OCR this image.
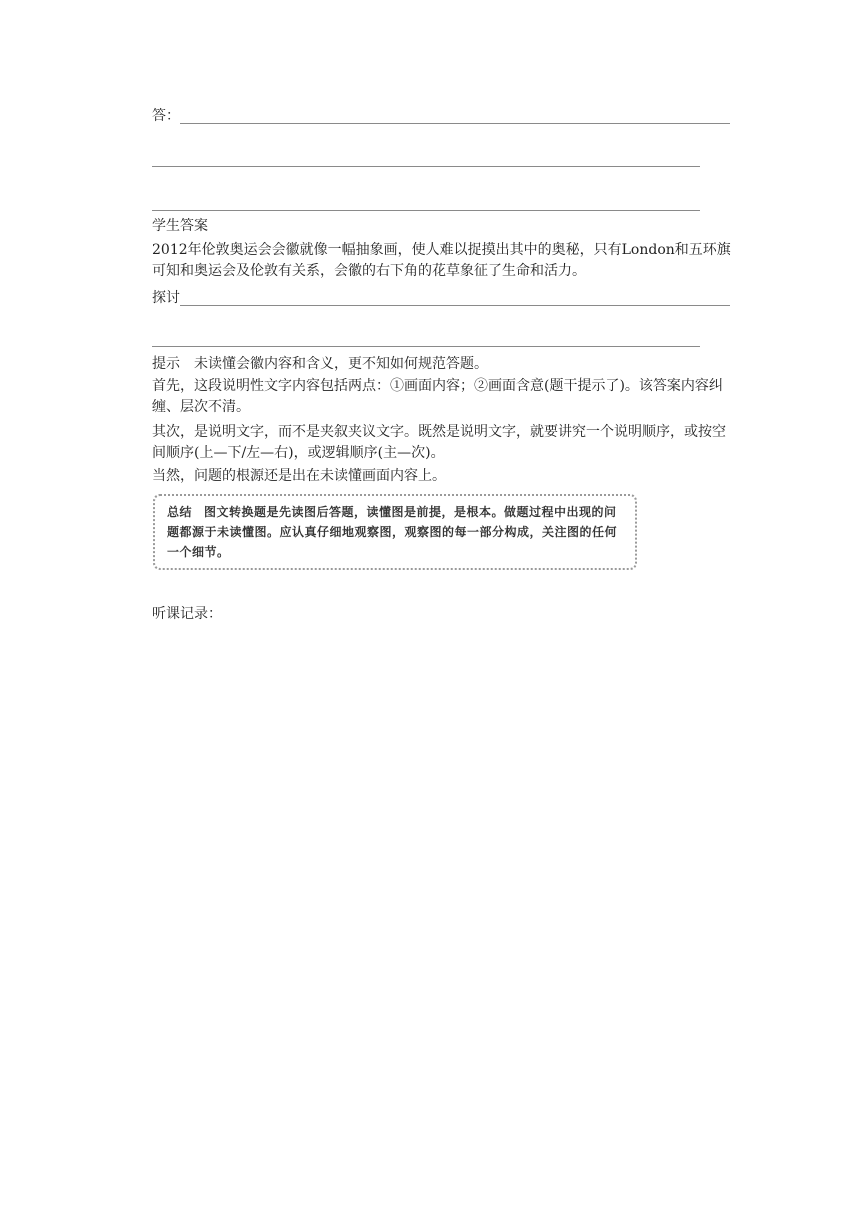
答：
学生答案

2012年伦敦奥运会会徽就像一幅抽象画，使人难以捉摸出其中的奥秘，只有London和五环旗可知和奥运会及伦敦有关系，会徽的右下角的花草象征了生命和活力。

探讨
提示 未读懂会徽内容和含义，更不知如何规范答题。

首先，这段说明性文字内容包括两点：①画面内容；②画面含意(题干提示了)。该答案内容纠缠、层次不清。

其次，是说明文字，而不是夹叙夹议文字。既然是说明文字，就要讲究一个说明顺序，或按空间顺序(上—下/左—右)，或逻辑顺序(主—次)。

当然，问题的根源还是出在未读懂画面内容上。

总结 图文转换题是先读图后答题，读懂图是前提，是根本。做题过程中出现的问题都源于未读懂图。应认真仔细地观察图，观察图的每一部分构成，关注图的任何一个细节。
听课记录：
